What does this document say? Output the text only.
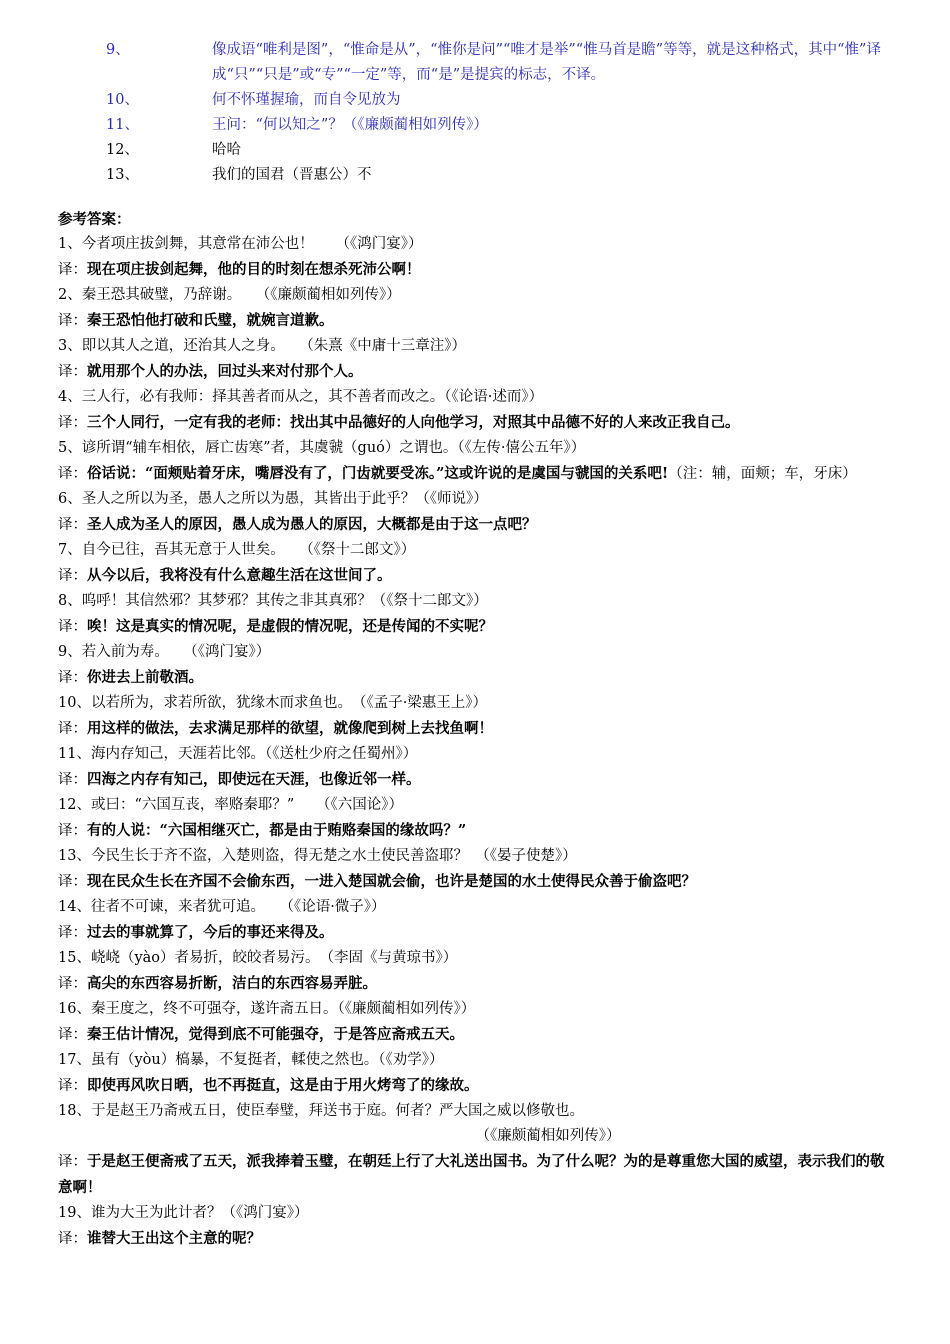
9、	像成语“唯利是图”，“惟命是从”，“惟你是问”“唯才是举”“惟马首是瞻”等等，就是这种格式，其中“惟”译成“只”“只是”或“专”“一定”等，而“是”是提宾的标志，不译。
10、	何不怀瑾握瑜，而自令见放为
11、	王问：“何以知之”？（《廉颇蔺相如列传》）
12、	哈哈
13、	我们的国君（晋惠公）不
参考答案：
1、今者项庄拔剑舞，其意常在沛公也！　　（《鸿门宴》）
译：现在项庄拔剑起舞，他的目的时刻在想杀死沛公啊！
2、秦王恐其破璧，乃辞谢。　　（《廉颇蔺相如列传》）
译：秦王恐怕他打破和氏璧，就婉言道歉。
3、即以其人之道，还治其人之身。　　（朱熹《中庸十三章注》）
译：就用那个人的办法，回过头来对付那个人。
4、三人行，必有我师：择其善者而从之，其不善者而改之。（《论语·述而》）
译：三个人同行，一定有我的老师：找出其中品德好的人向他学习，对照其中品德不好的人来改正我自己。
5、谚所谓“辅车相依，唇亡齿寒”者，其虞虢（guó）之谓也。（《左传·僖公五年》）
译：俗话说：“面颊贴着牙床，嘴唇没有了，门齿就要受冻。”这或许说的是虞国与虢国的关系吧!（注：辅，面颊；车，牙床）
6、圣人之所以为圣，愚人之所以为愚，其皆出于此乎？（《师说》）
译：圣人成为圣人的原因，愚人成为愚人的原因，大概都是由于这一点吧？
7、自今已往，吾其无意于人世矣。　　（《祭十二郎文》）
译：从今以后，我将没有什么意趣生活在这世间了。
8、呜呼！其信然邪？其梦邪？其传之非其真邪？（《祭十二郎文》）
译：唉！这是真实的情况呢，是虚假的情况呢，还是传闻的不实呢？
9、若入前为寿。　　（《鸿门宴》）
译：你进去上前敬酒。
10、以若所为，求若所欲，犹缘木而求鱼也。　（《孟子·梁惠王上》）
译：用这样的做法，去求满足那样的欲望，就像爬到树上去找鱼啊！
11、海内存知己，天涯若比邻。（《送杜少府之任蜀州》）
译：四海之内存有知己，即使远在天涯，也像近邻一样。
12、或曰：“六国互丧，率赂秦耶？”　　（《六国论》）
译：有的人说：“六国相继灭亡，都是由于贿赂秦国的缘故吗？”
13、今民生长于齐不盗，入楚则盗，得无楚之水土使民善盗耶？　（《晏子使楚》）
译：现在民众生长在齐国不会偷东西，一进入楚国就会偷，也许是楚国的水土使得民众善于偷盗吧？
14、往者不可谏，来者犹可追。　　（《论语·微子》）
译：过去的事就算了，今后的事还来得及。
15、峣峣（yào）者易折，皎皎者易污。　（李固《与黄琼书》）
译：高尖的东西容易折断，洁白的东西容易弄脏。
16、秦王度之，终不可强夺，遂许斋五日。（《廉颇蔺相如列传》）
译：秦王估计情况，觉得到底不可能强夺，于是答应斋戒五天。
17、虽有（yòu）槁暴，不复挺者，輮使之然也。（《劝学》）
译：即使再风吹日晒，也不再挺直，这是由于用火烤弯了的缘故。
18、于是赵王乃斋戒五日，使臣奉璧，拜送书于庭。何者？严大国之威以修敬也。
（《廉颇蔺相如列传》）
译：于是赵王便斋戒了五天，派我捧着玉璧，在朝廷上行了大礼送出国书。为了什么呢？为的是尊重您大国的威望，表示我们的敬意啊！
19、谁为大王为此计者？（《鸿门宴》）
译：谁替大王出这个主意的呢？
